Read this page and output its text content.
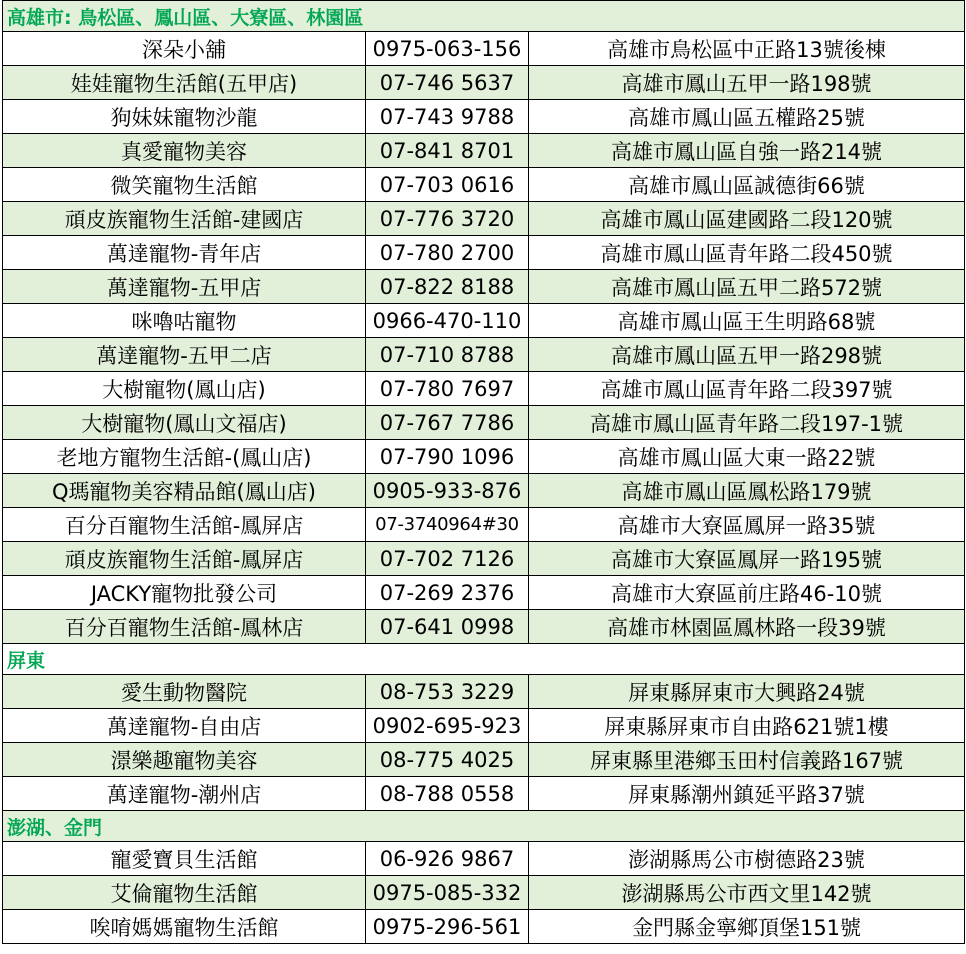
高雄市: 鳥松區、鳳山區、大寮區、林園區		
深朵小舖	0975-063-156	高雄市鳥松區中正路13號後棟
娃娃寵物生活館(五甲店)	07-746 5637	高雄市鳳山五甲一路198號
狗妹妹寵物沙龍	07-743 9788	高雄市鳳山區五權路25號
真愛寵物美容	07-841 8701	高雄市鳳山區自強一路214號
微笑寵物生活館	07-703 0616	高雄市鳳山區誠德街66號
頑皮族寵物生活館-建國店	07-776 3720	高雄市鳳山區建國路二段120號
萬達寵物-青年店	07-780 2700	高雄市鳳山區青年路二段450號
萬達寵物-五甲店	07-822 8188	高雄市鳳山區五甲二路572號
咪嚕咕寵物	0966-470-110	高雄市鳳山區王生明路68號
萬達寵物-五甲二店	07-710 8788	高雄市鳳山區五甲一路298號
大樹寵物(鳳山店)	07-780 7697	高雄市鳳山區青年路二段397號
大樹寵物(鳳山文福店)	07-767 7786	高雄市鳳山區青年路二段197-1號
老地方寵物生活館-(鳳山店)	07-790 1096	高雄市鳳山區大東一路22號
Q瑪寵物美容精品館(鳳山店)	0905-933-876	高雄市鳳山區鳳松路179號
百分百寵物生活館-鳳屏店	07-3740964#30	高雄市大寮區鳳屏一路35號
頑皮族寵物生活館-鳳屏店	07-702 7126	高雄市大寮區鳳屏一路195號
JACKY寵物批發公司	07-269 2376	高雄市大寮區前庄路46-10號
百分百寵物生活館-鳳林店	07-641 0998	高雄市林園區鳳林路一段39號
屏東		
愛生動物醫院	08-753 3229	屏東縣屏東市大興路24號
萬達寵物-自由店	0902-695-923	屏東縣屏東市自由路621號1樓
澋樂趣寵物美容	08-775 4025	屏東縣里港鄉玉田村信義路167號
萬達寵物-潮州店	08-788 0558	屏東縣潮州鎮延平路37號
澎湖、金門		
寵愛寶貝生活館	06-926 9867	澎湖縣馬公市樹德路23號
艾倫寵物生活館	0975-085-332	澎湖縣馬公市西文里142號
唉唷媽媽寵物生活館	0975-296-561	金門縣金寧鄉頂堡151號
